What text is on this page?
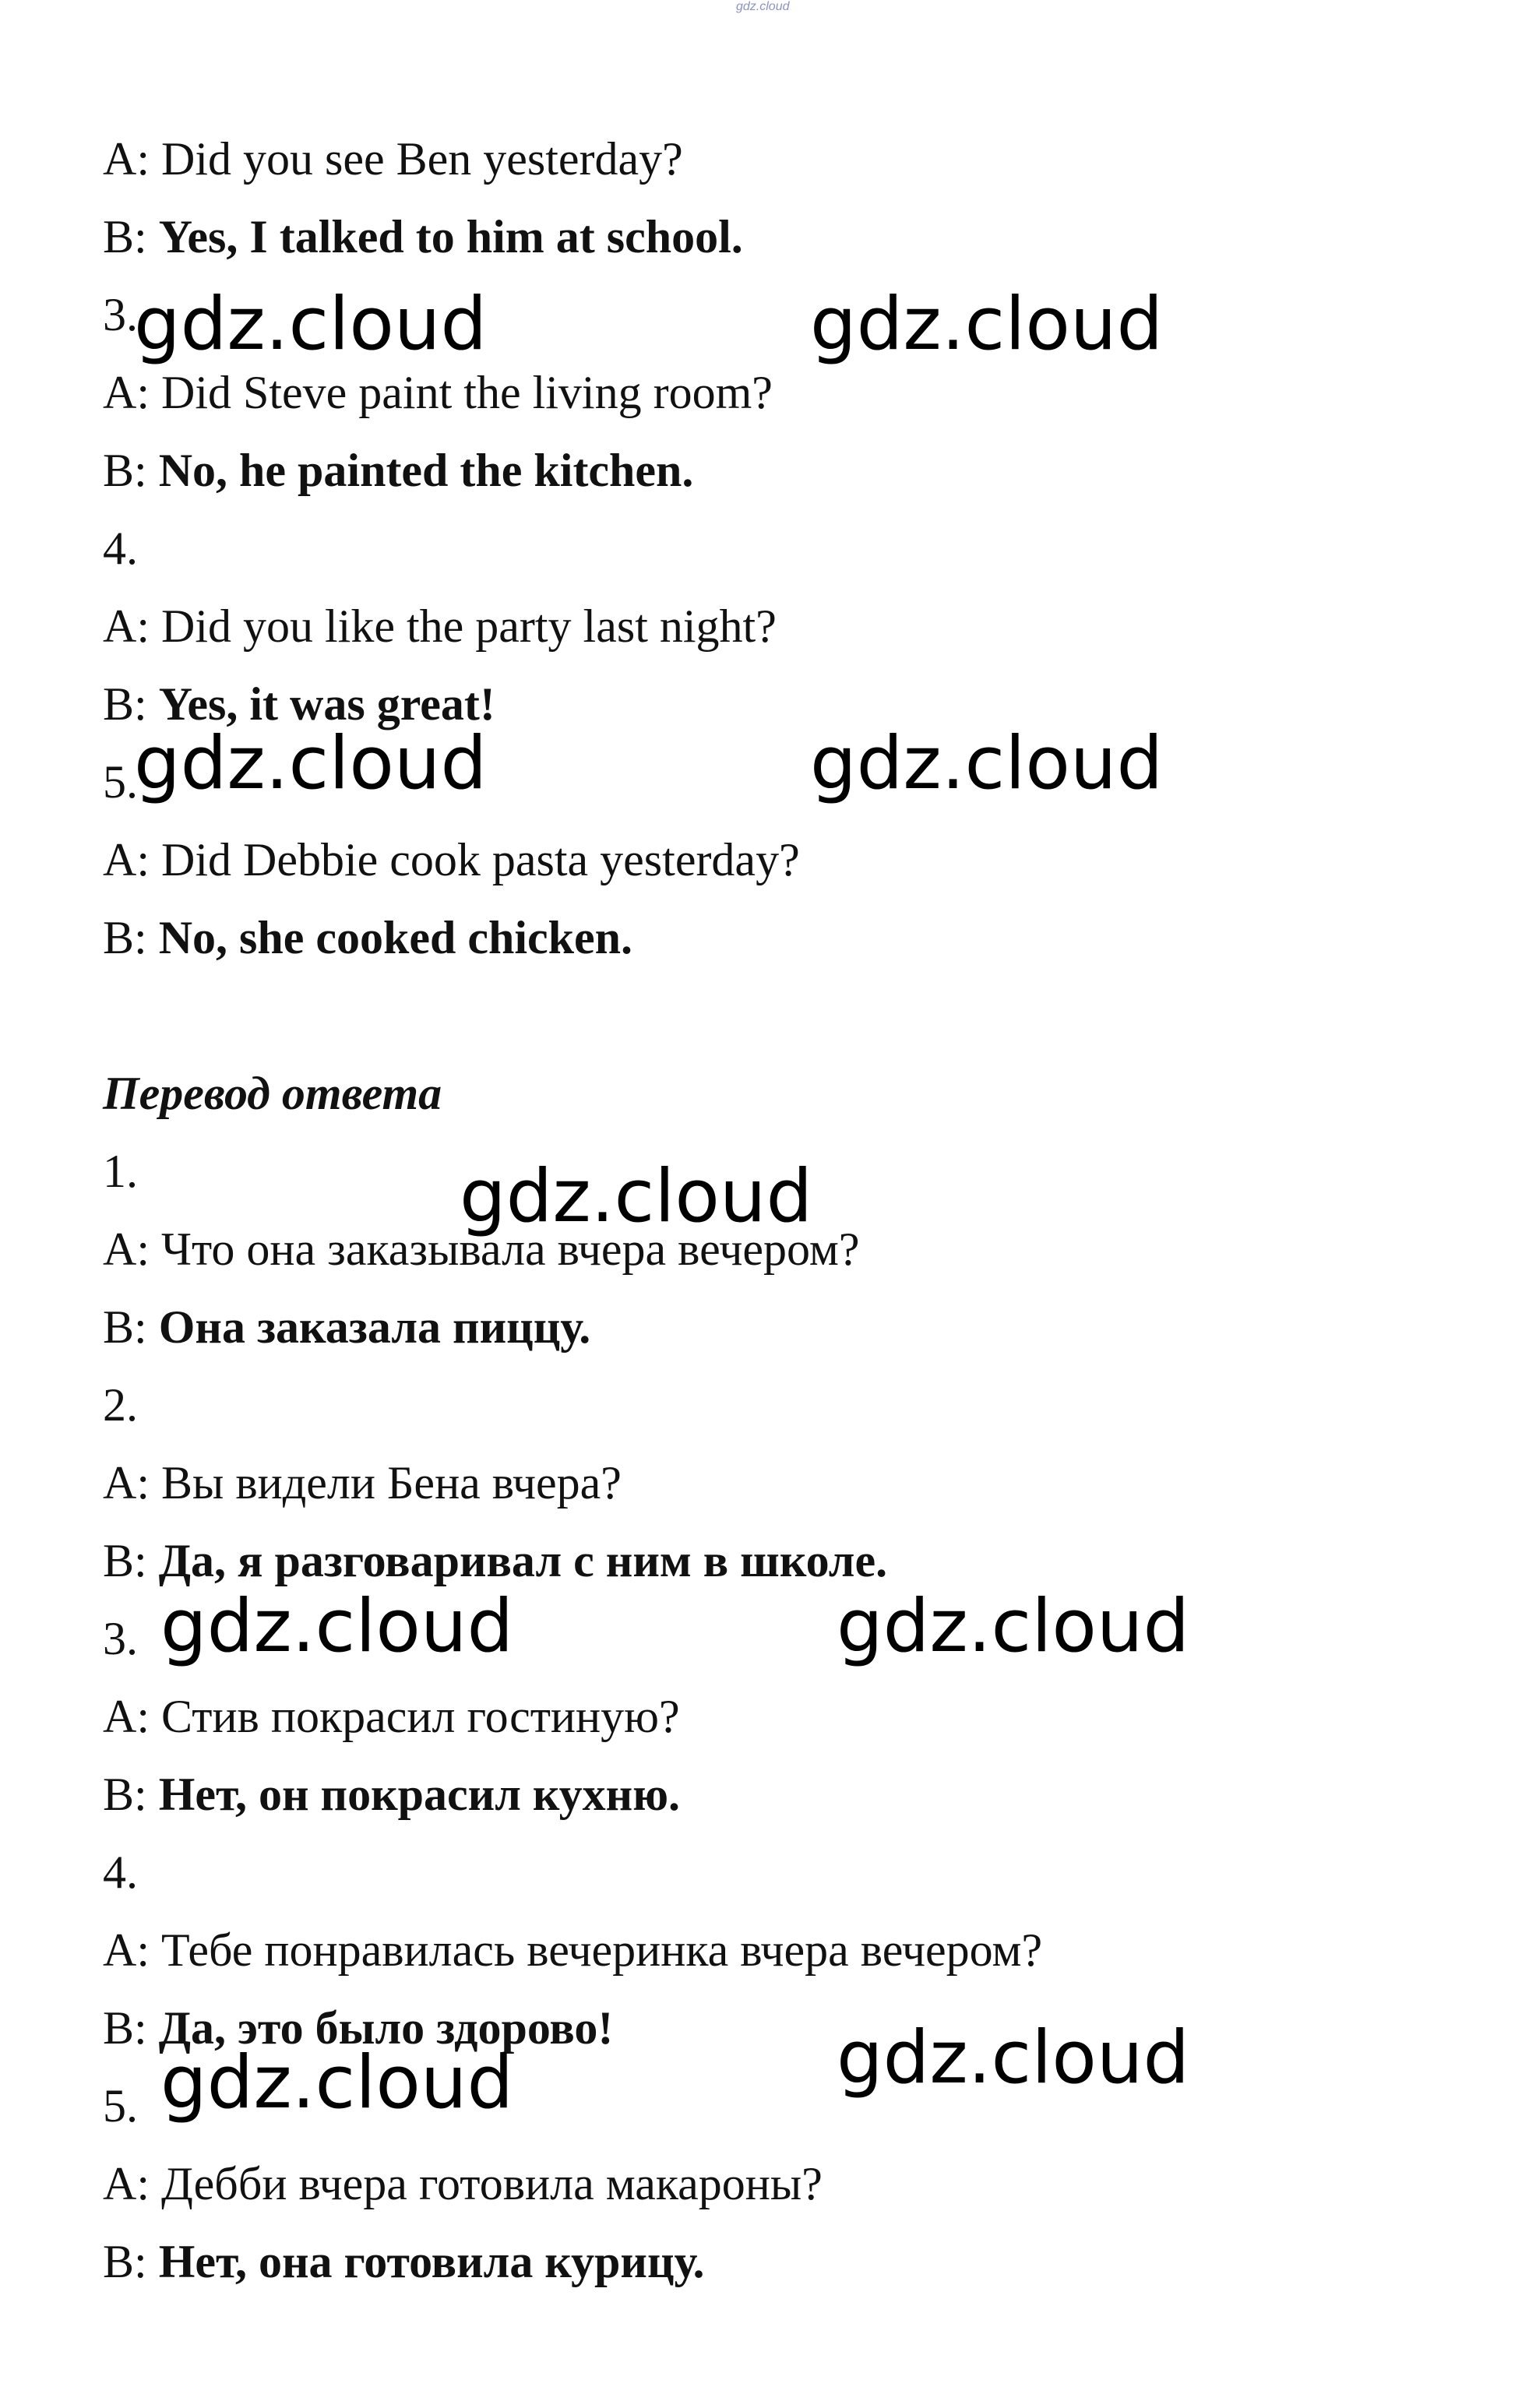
gdz.cloud
A: Did you see Ben yesterday?
B: Yes, I talked to him at school.
3.
A: Did Steve paint the living room?
B: No, he painted the kitchen.
4.
A: Did you like the party last night?
B: Yes, it was great!
5.
A: Did Debbie cook pasta yesterday?
B: No, she cooked chicken.
Перевод ответа
1.
A: Что она заказывала вчера вечером?
B: Она заказала пиццу.
2.
A: Вы видели Бена вчера?
B: Да, я разговаривал с ним в школе.
3.
A: Стив покрасил гостиную?
B: Нет, он покрасил кухню.
4.
A: Тебе понравилась вечеринка вчера вечером?
B: Да, это было здорово!
5.
A: Дебби вчера готовила макароны?
B: Нет, она готовила курицу.
gdz.cloud	gdz.cloud
gdz.cloud	gdz.cloud
gdz.cloud
gdz.cloud	gdz.cloud
gdz.cloud
gdz.cloud
